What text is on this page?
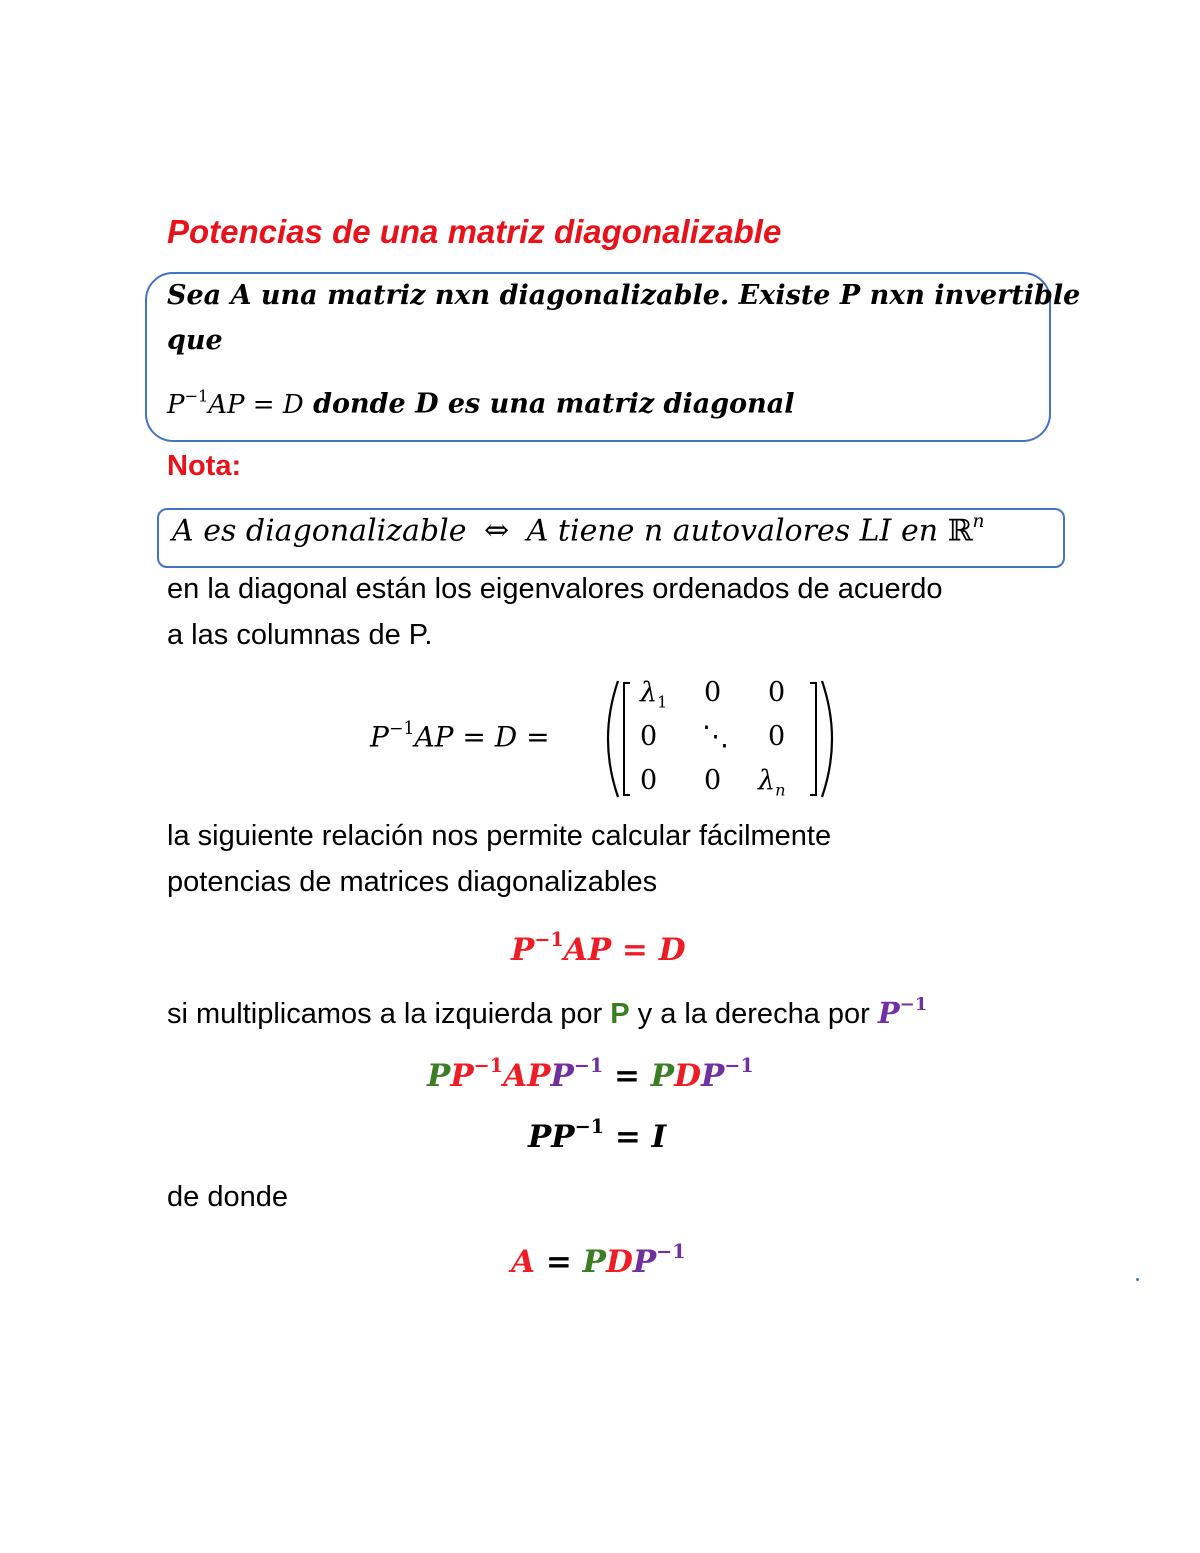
Potencias de una matriz diagonalizable
Sea A una matriz nxn diagonalizable. Existe P nxn invertible
que
$P^{-1}AP = D$ donde D es una matriz diagonal
Nota:
A es diagonalizable ⇔ A tiene n autovalores LI en ℝ$^n$
en la diagonal están los eigenvalores ordenados de acuerdo
a las columnas de P.
$P^{-1}AP = D$ =
$\lambda_1$ 0 0
0 ⋱ 0
0 0 $\lambda_n$
la siguiente relación nos permite calcular fácilmente
potencias de matrices diagonalizables
$P^{-1}AP = D$
si multiplicamos a la izquierda por P y a la derecha por $P^{-1}$
$PP^{-1}APP^{-1} = PDP^{-1}$
$PP^{-1} = I$
de donde
$A = PDP^{-1}$
